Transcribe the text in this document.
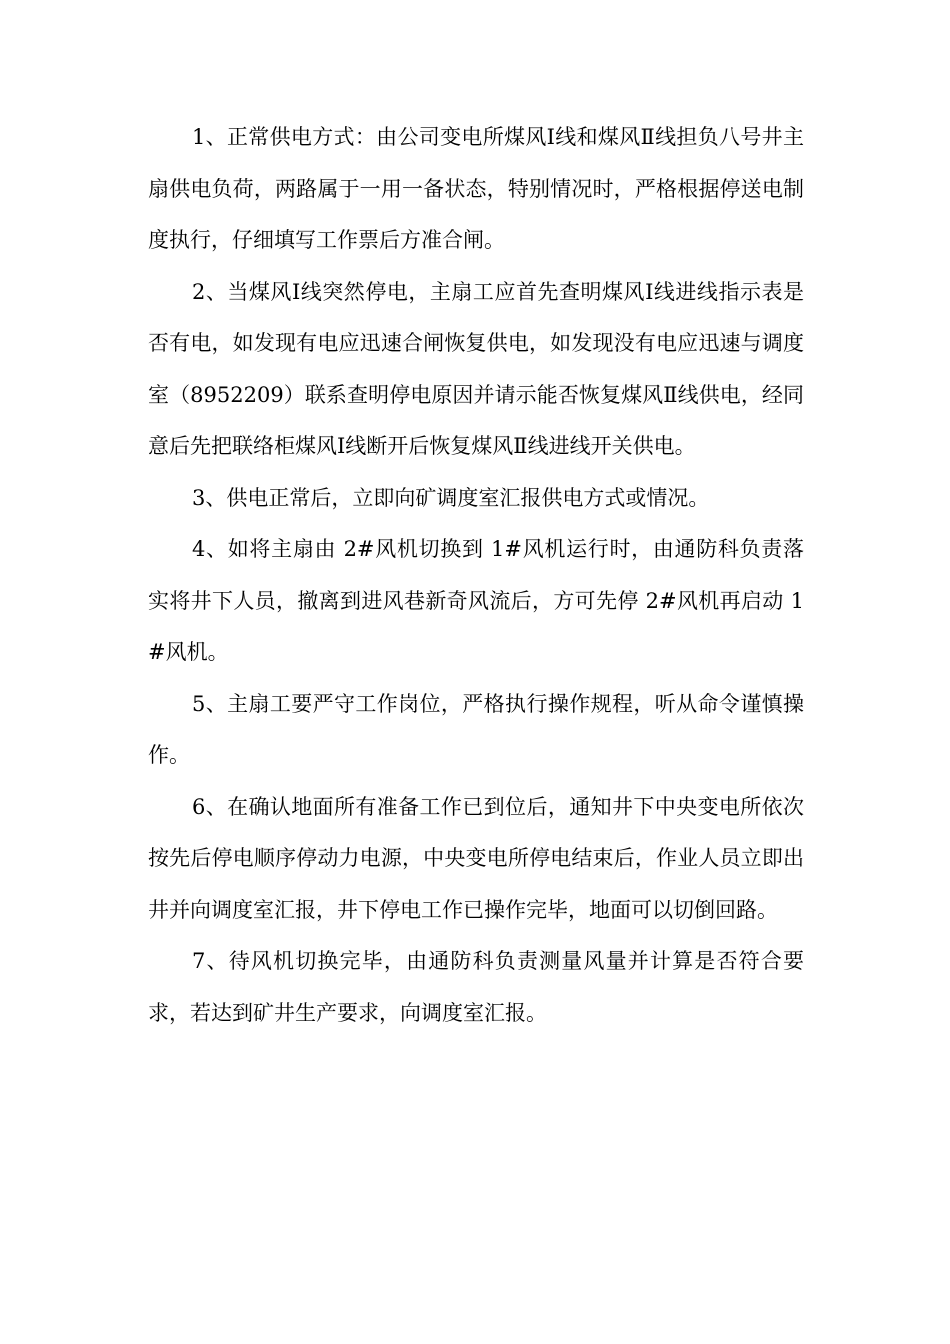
1、正常供电方式：由公司变电所煤风Ⅰ线和煤风Ⅱ线担负八号井主扇供电负荷，两路属于一用一备状态，特别情况时，严格根据停送电制度执行，仔细填写工作票后方准合闸。

2、当煤风Ⅰ线突然停电，主扇工应首先查明煤风Ⅰ线进线指示表是否有电，如发现有电应迅速合闸恢复供电，如发现没有电应迅速与调度室（8952209）联系查明停电原因并请示能否恢复煤风Ⅱ线供电，经同意后先把联络柜煤风Ⅰ线断开后恢复煤风Ⅱ线进线开关供电。

3、供电正常后，立即向矿调度室汇报供电方式或情况。

4、如将主扇由 2#风机切换到 1#风机运行时，由通防科负责落实将井下人员，撤离到进风巷新奇风流后，方可先停 2#风机再启动 1#风机。

5、主扇工要严守工作岗位，严格执行操作规程，听从命令谨慎操作。

6、在确认地面所有准备工作已到位后，通知井下中央变电所依次按先后停电顺序停动力电源，中央变电所停电结束后，作业人员立即出井并向调度室汇报，井下停电工作已操作完毕，地面可以切倒回路。

7、待风机切换完毕，由通防科负责测量风量并计算是否符合要求，若达到矿井生产要求，向调度室汇报。
